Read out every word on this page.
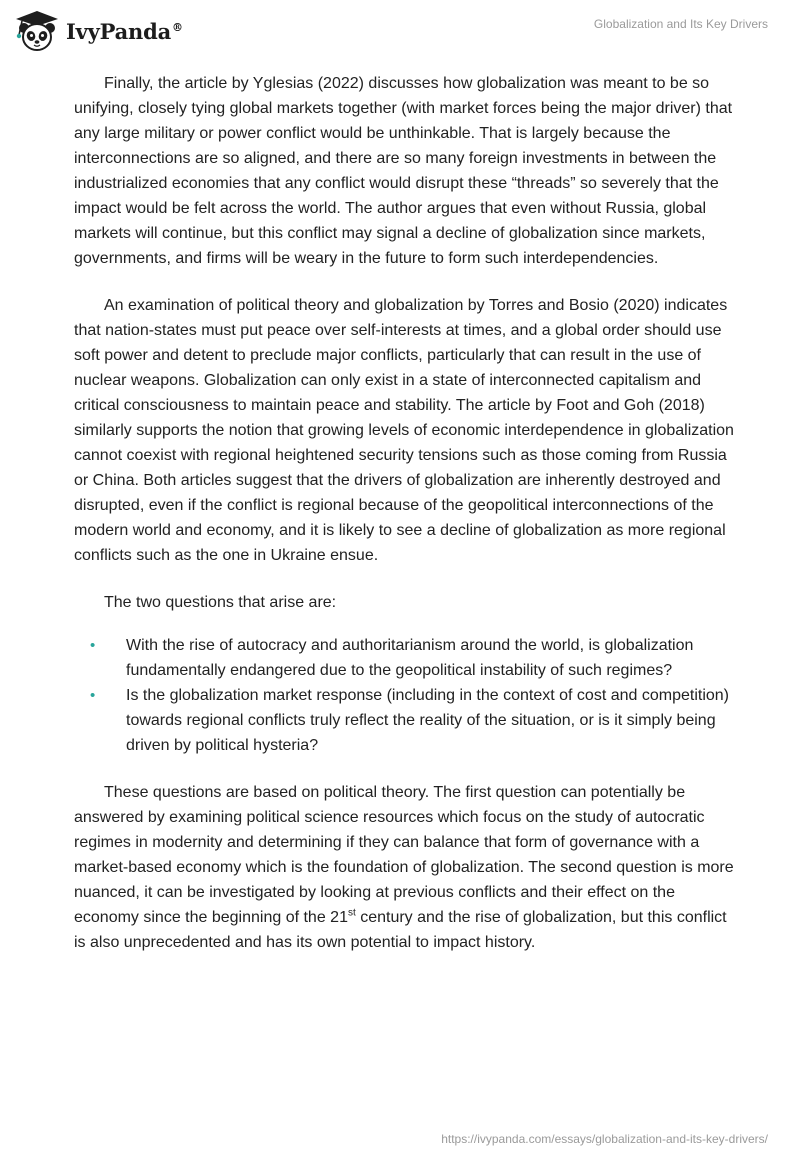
IvyPanda®	Globalization and Its Key Drivers

Finally, the article by Yglesias (2022) discusses how globalization was meant to be so unifying, closely tying global markets together (with market forces being the major driver) that any large military or power conflict would be unthinkable. That is largely because the interconnections are so aligned, and there are so many foreign investments in between the industrialized economies that any conflict would disrupt these “threads” so severely that the impact would be felt across the world. The author argues that even without Russia, global markets will continue, but this conflict may signal a decline of globalization since markets, governments, and firms will be weary in the future to form such interdependencies.

An examination of political theory and globalization by Torres and Bosio (2020) indicates that nation-states must put peace over self-interests at times, and a global order should use soft power and detent to preclude major conflicts, particularly that can result in the use of nuclear weapons. Globalization can only exist in a state of interconnected capitalism and critical consciousness to maintain peace and stability. The article by Foot and Goh (2018) similarly supports the notion that growing levels of economic interdependence in globalization cannot coexist with regional heightened security tensions such as those coming from Russia or China. Both articles suggest that the drivers of globalization are inherently destroyed and disrupted, even if the conflict is regional because of the geopolitical interconnections of the modern world and economy, and it is likely to see a decline of globalization as more regional conflicts such as the one in Ukraine ensue.

The two questions that arise are:

• With the rise of autocracy and authoritarianism around the world, is globalization fundamentally endangered due to the geopolitical instability of such regimes?
• Is the globalization market response (including in the context of cost and competition) towards regional conflicts truly reflect the reality of the situation, or is it simply being driven by political hysteria?

These questions are based on political theory. The first question can potentially be answered by examining political science resources which focus on the study of autocratic regimes in modernity and determining if they can balance that form of governance with a market-based economy which is the foundation of globalization. The second question is more nuanced, it can be investigated by looking at previous conflicts and their effect on the economy since the beginning of the 21st century and the rise of globalization, but this conflict is also unprecedented and has its own potential to impact history.

https://ivypanda.com/essays/globalization-and-its-key-drivers/
